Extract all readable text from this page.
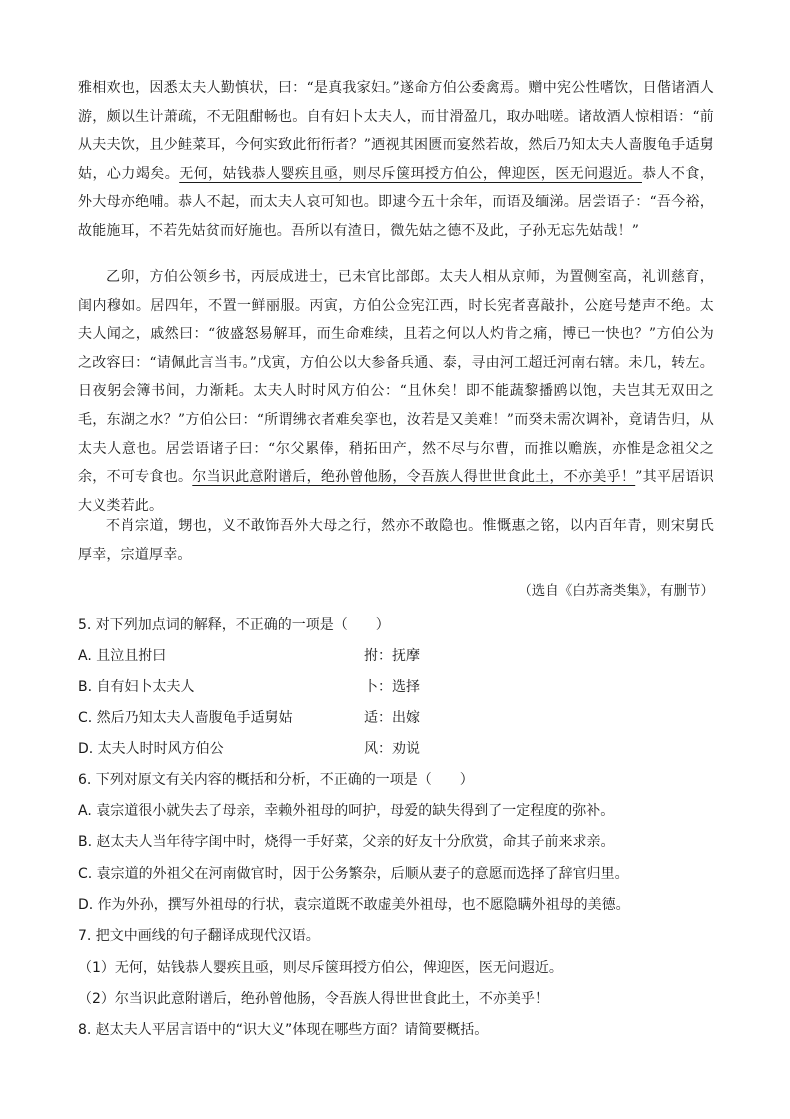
雅相欢也，因悉太夫人勤慎状，曰：“是真我家妇。”遂命方伯公委禽焉。赠中宪公性嗜饮，日偕诸酒人游，颇以生计萧疏，不无阻酣畅也。自有妇卜太夫人，而甘滑盈几，取办咄嗟。诸故酒人惊相语：“前从夫夫饮，且少鲑菜耳，今何实致此衎衎者？”迺视其困匮而宴然若故，然后乃知太夫人啬腹龟手适舅姑，心力竭矣。无何，姑钱恭人婴疾且亟，则尽斥箧珥授方伯公，俾迎医，医无问遐近。恭人不食，外大母亦绝哺。恭人不起，而太夫人哀可知也。即逮今五十余年，而语及缅涕。居尝语子：“吾今裕，故能施耳，不若先姑贫而好施也。吾所以有渣日，微先姑之德不及此，子孙无忘先姑哉！”

乙卯，方伯公领乡书，丙辰成进士，已未官比部郎。太夫人相从京师，为置侧室高，礼训慈育，闺内穆如。居四年，不置一鲜丽服。丙寅，方伯公佥宪江西，时长宪者喜敲扑，公庭号楚声不绝。太夫人闻之，戚然曰：“彼盛怒易解耳，而生命难续，且若之何以人灼肯之痛，博已一快也？”方伯公为之改容曰：“请佩此言当韦。”戊寅，方伯公以大参备兵通、泰，寻由河工超迁河南右辖。未几，转左。日夜躬会簿书间，力渐耗。太夫人时时风方伯公：“且休矣！即不能蔬黎播鸥以饱，夫岂其无双田之毛，东湖之水？”方伯公曰：“所谓绋衣者难矣挛也，汝若是又美难！”而癸未需次调补，竟请告归，从太夫人意也。居尝语诸子曰：“尔父累俸，稍拓田产，然不尽与尔曹，而推以赡族，亦惟是念祖父之余，不可专食也。尔当识此意附谱后，绝孙曾他肠，令吾族人得世世食此土，不亦美乎！”其平居语识大义类若此。

不肖宗道，甥也，义不敢饰吾外大母之行，然亦不敢隐也。惟慨惠之铭，以内百年青，则宋舅氏厚幸，宗道厚幸。

（选自《白苏斋类集》，有删节）
5. 对下列加点词的解释，不正确的一项是（　　）
A. 且泣且拊曰	拊：抚摩
B. 自有妇卜太夫人	卜：选择
C. 然后乃知太夫人啬腹龟手适舅姑	适：出嫁
D. 太夫人时时风方伯公	风：劝说
6. 下列对原文有关内容的概括和分析，不正确的一项是（　　）
A. 袁宗道很小就失去了母亲，幸赖外祖母的呵护，母爱的缺失得到了一定程度的弥补。
B. 赵太夫人当年待字闺中时，烧得一手好菜，父亲的好友十分欣赏，命其子前来求亲。
C. 袁宗道的外祖父在河南做官时，因于公务繁杂，后顺从妻子的意愿而选择了辞官归里。
D. 作为外孙，撰写外祖母的行状，袁宗道既不敢虚美外祖母，也不愿隐瞒外祖母的美德。
7. 把文中画线的句子翻译成现代汉语。
（1）无何，姑钱恭人婴疾且亟，则尽斥箧珥授方伯公，俾迎医，医无问遐近。
（2）尔当识此意附谱后，绝孙曾他肠，令吾族人得世世食此土，不亦美乎！
8. 赵太夫人平居言语中的“识大义”体现在哪些方面？请简要概括。
